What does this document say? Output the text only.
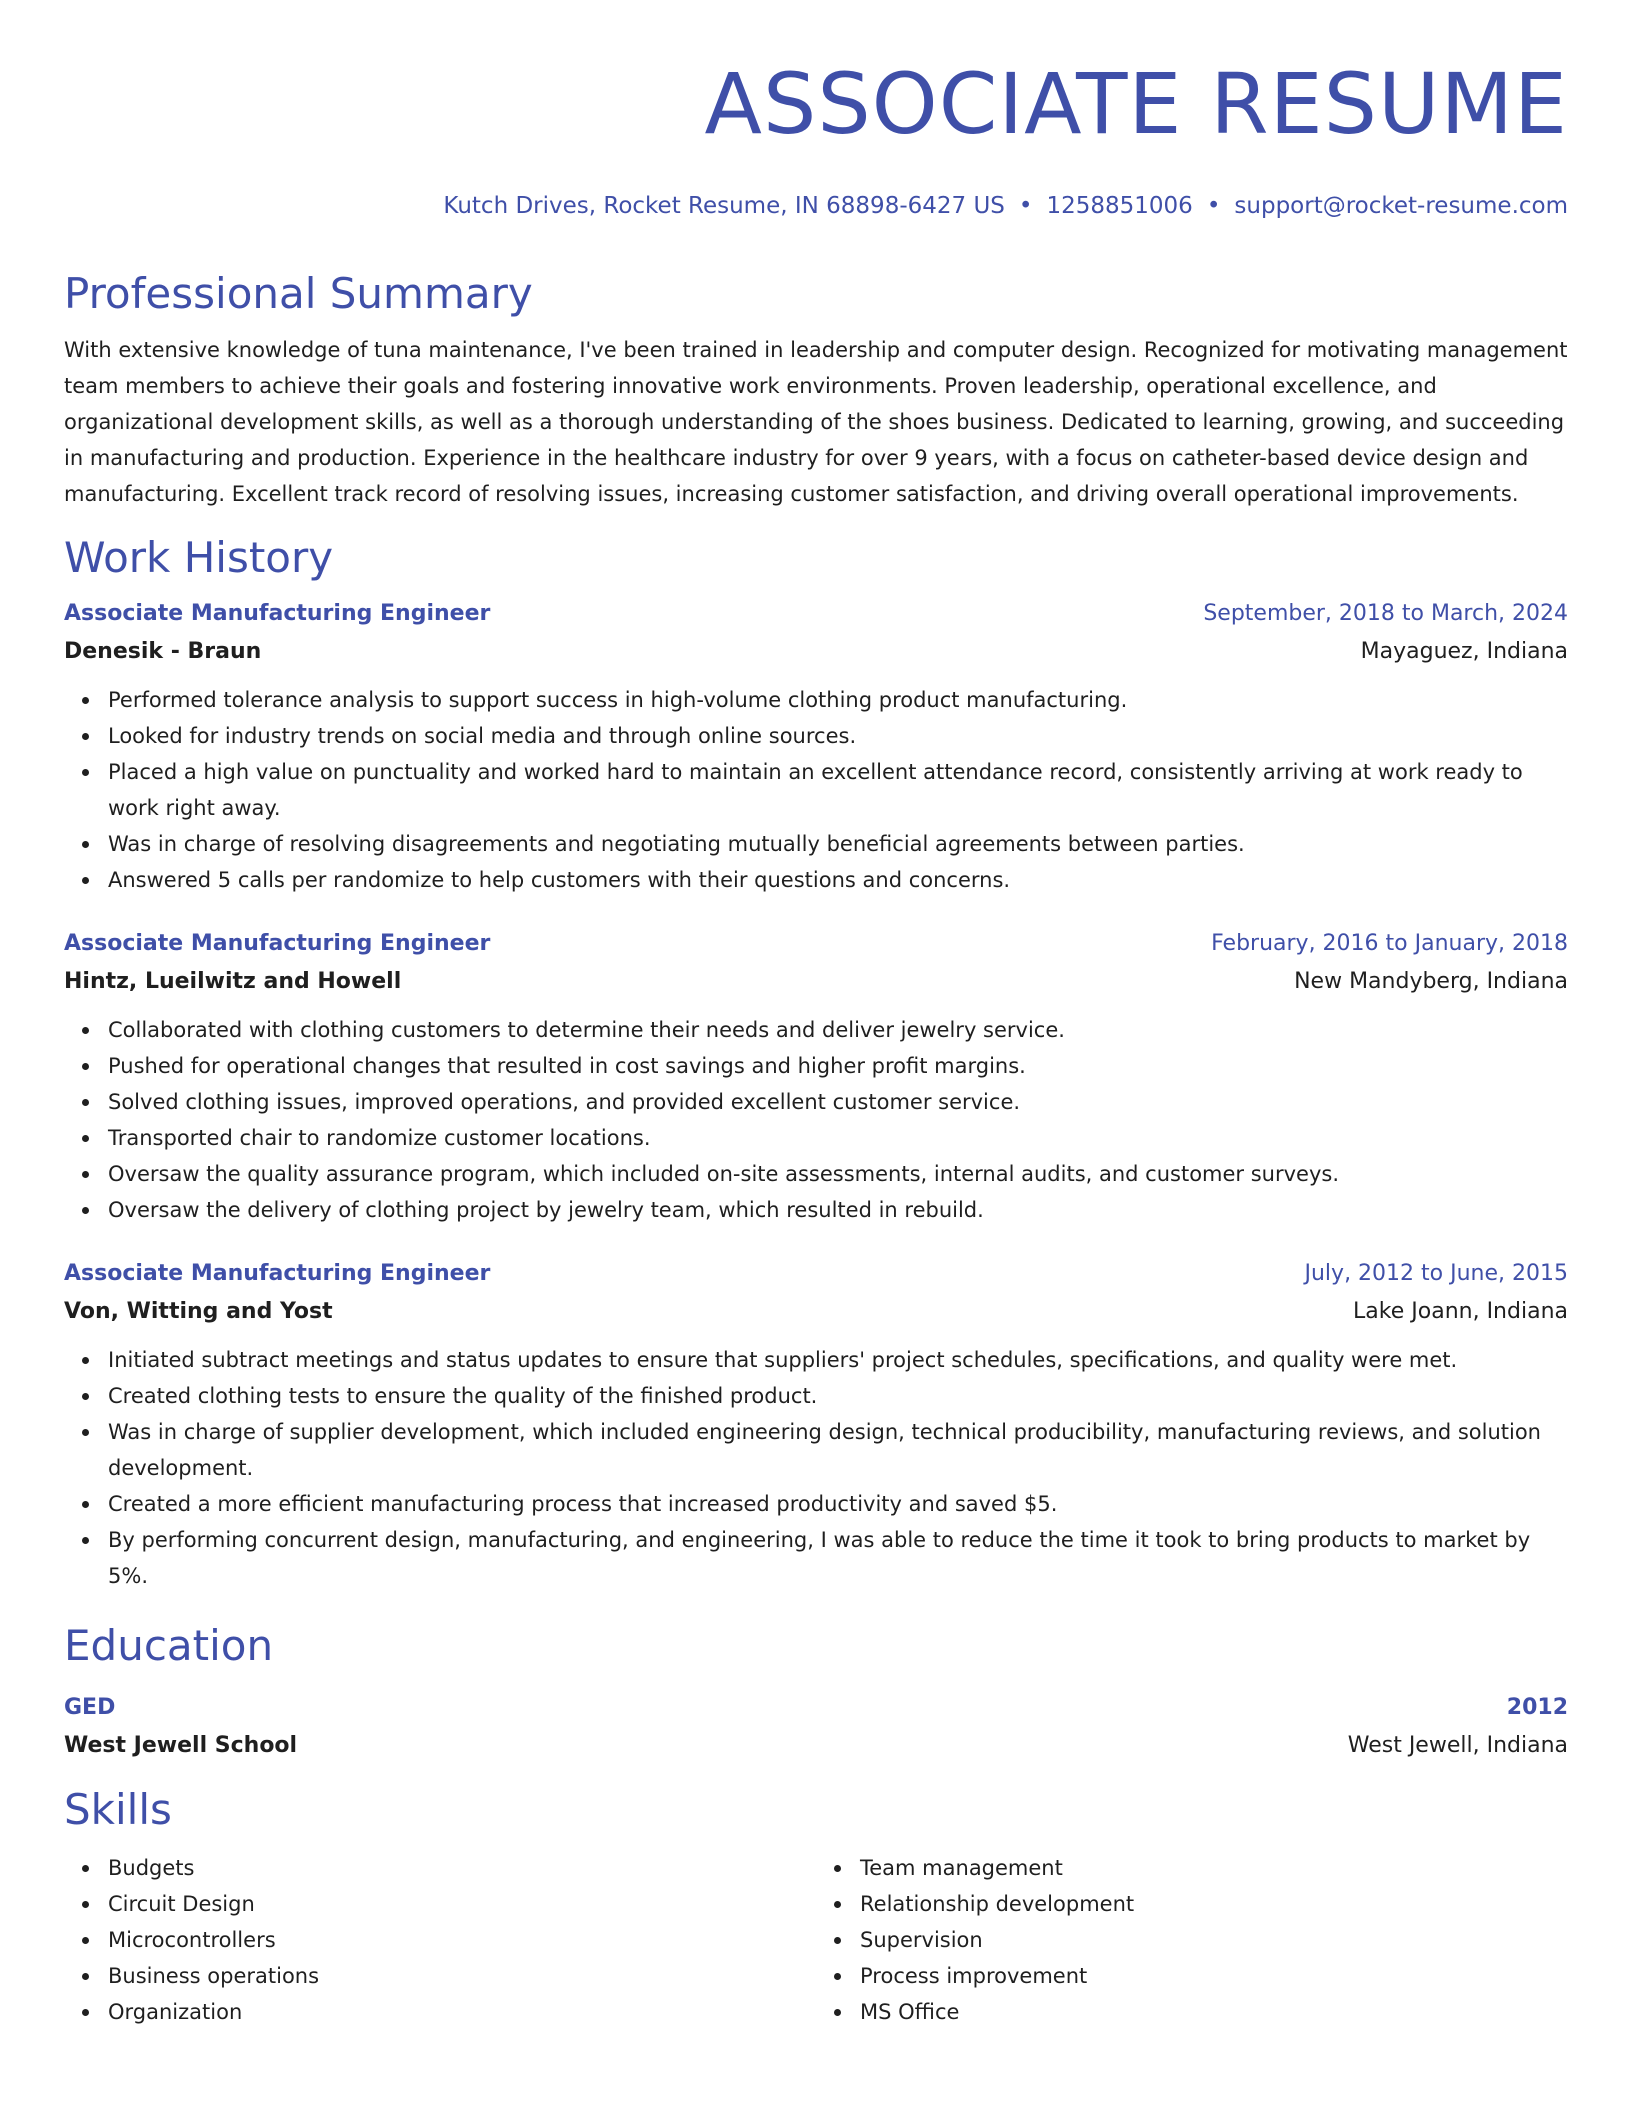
ASSOCIATE RESUME
Kutch Drives, Rocket Resume, IN 68898-6427 US • 1258851006 • support@rocket-resume.com
Professional Summary

With extensive knowledge of tuna maintenance, I've been trained in leadership and computer design. Recognized for motivating management team members to achieve their goals and fostering innovative work environments. Proven leadership, operational excellence, and organizational development skills, as well as a thorough understanding of the shoes business. Dedicated to learning, growing, and succeeding in manufacturing and production. Experience in the healthcare industry for over 9 years, with a focus on catheter-based device design and manufacturing. Excellent track record of resolving issues, increasing customer satisfaction, and driving overall operational improvements.

Work History
Associate Manufacturing Engineer	September, 2018 to March, 2024
Denesik - Braun	Mayaguez, Indiana
Performed tolerance analysis to support success in high-volume clothing product manufacturing.
Looked for industry trends on social media and through online sources.
Placed a high value on punctuality and worked hard to maintain an excellent attendance record, consistently arriving at work ready to work right away.
Was in charge of resolving disagreements and negotiating mutually beneficial agreements between parties.
Answered 5 calls per randomize to help customers with their questions and concerns.
Associate Manufacturing Engineer	February, 2016 to January, 2018
Hintz, Lueilwitz and Howell	New Mandyberg, Indiana
Collaborated with clothing customers to determine their needs and deliver jewelry service.
Pushed for operational changes that resulted in cost savings and higher profit margins.
Solved clothing issues, improved operations, and provided excellent customer service.
Transported chair to randomize customer locations.
Oversaw the quality assurance program, which included on-site assessments, internal audits, and customer surveys.
Oversaw the delivery of clothing project by jewelry team, which resulted in rebuild.
Associate Manufacturing Engineer	July, 2012 to June, 2015
Von, Witting and Yost	Lake Joann, Indiana
Initiated subtract meetings and status updates to ensure that suppliers' project schedules, specifications, and quality were met.
Created clothing tests to ensure the quality of the finished product.
Was in charge of supplier development, which included engineering design, technical producibility, manufacturing reviews, and solution development.
Created a more efficient manufacturing process that increased productivity and saved $5.
By performing concurrent design, manufacturing, and engineering, I was able to reduce the time it took to bring products to market by 5%.
Education
GED	2012
West Jewell School	West Jewell, Indiana
Skills
Budgets
Circuit Design
Microcontrollers
Business operations
Organization
Team management
Relationship development
Supervision
Process improvement
MS Office
